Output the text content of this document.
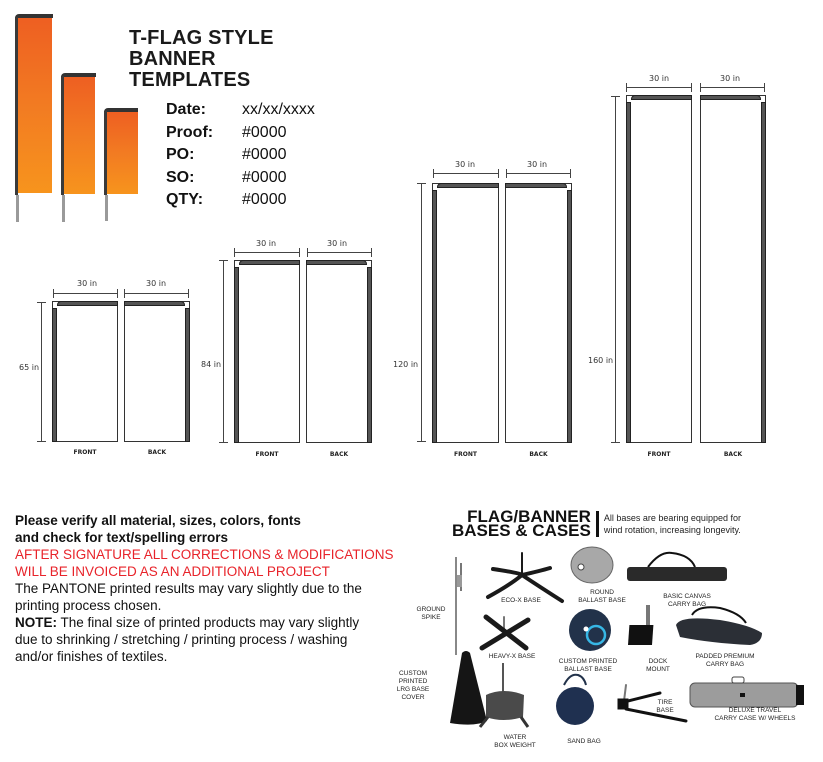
T-FLAG STYLE
BANNER
TEMPLATES
Date: xx/xx/xxxx
Proof: #0000
PO:	#0000
SO:	#0000
QTY: #0000
30 in	30 in
65 in
FRONT	BACK
30 in	30 in
84 in
FRONT	BACK
30 in	30 in
120 in
FRONT	BACK
30 in	30 in
160 in
FRONT	BACK
Please verify all material, sizes, colors, fonts
and check for text/spelling errors
AFTER SIGNATURE ALL CORRECTIONS & MODIFICATIONS
WILL BE INVOICED AS AN ADDITIONAL PROJECT
The PANTONE printed results may vary slightly due to the
printing process chosen.
NOTE: The final size of printed products may vary slightly
due to shrinking / stretching / printing process / washing
and/or finishes of textiles.
FLAG/BANNER
BASES & CASES
All bases are bearing equipped for
wind rotation, increasing longevity.
GROUND
SPIKE
ECO-X BASE
ROUND
BALLAST BASE
BASIC CANVAS
CARRY BAG
HEAVY-X BASE
CUSTOM PRINTED
BALLAST BASE
DOCK
MOUNT
PADDED PREMIUM
CARRY BAG
CUSTOM
PRINTED
LRG BASE
COVER
WATER
BOX WEIGHT
SAND BAG
TIRE
BASE	DELUXE TRAVEL
CARRY CASE W/ WHEELS
